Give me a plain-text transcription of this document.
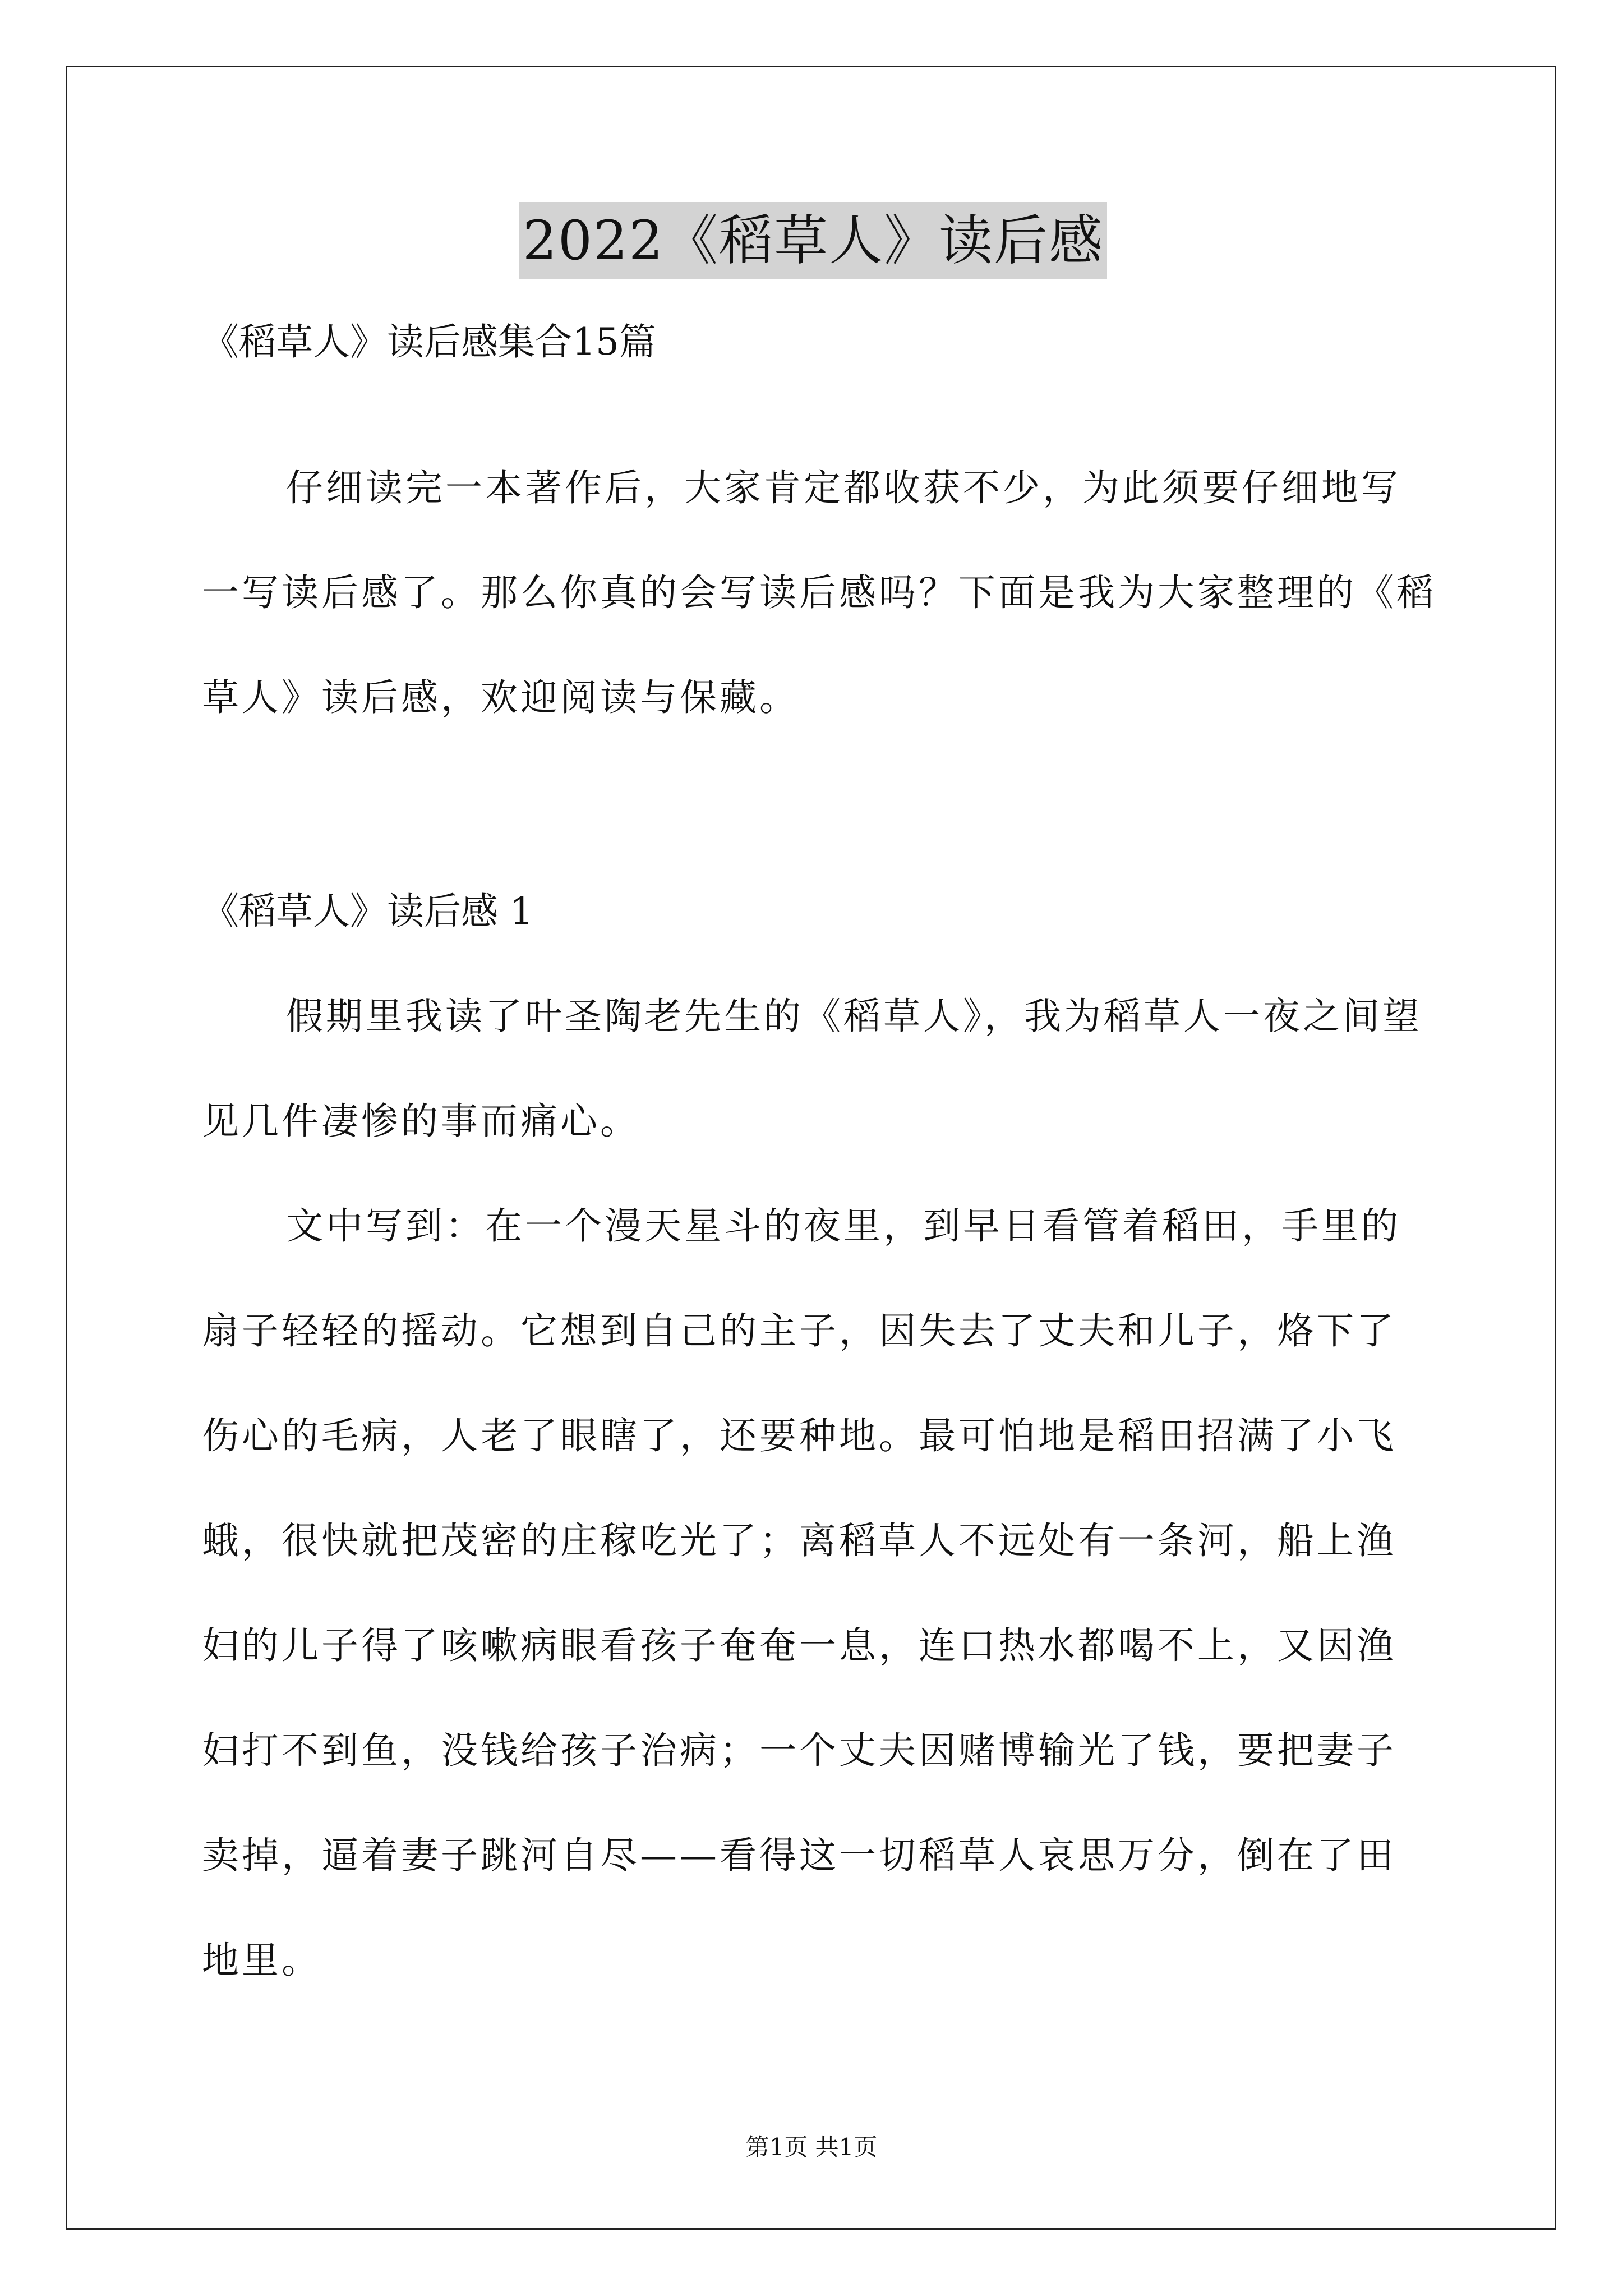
2022《稻草人》读后感
《稻草人》读后感集合15篇
仔细读完一本著作后，大家肯定都收获不少，为此须要仔细地写
一写读后感了。那么你真的会写读后感吗？下面是我为大家整理的《稻
草人》读后感，欢迎阅读与保藏。
《稻草人》读后感 1
假期里我读了叶圣陶老先生的《稻草人》，我为稻草人一夜之间望
见几件凄惨的事而痛心。
文中写到：在一个漫天星斗的夜里，到早日看管着稻田，手里的
扇子轻轻的摇动。它想到自己的主子，因失去了丈夫和儿子，烙下了
伤心的毛病，人老了眼瞎了，还要种地。最可怕地是稻田招满了小飞
蛾，很快就把茂密的庄稼吃光了；离稻草人不远处有一条河，船上渔
妇的儿子得了咳嗽病眼看孩子奄奄一息，连口热水都喝不上，又因渔
妇打不到鱼，没钱给孩子治病；一个丈夫因赌博输光了钱，要把妻子
卖掉，逼着妻子跳河自尽——看得这一切稻草人哀思万分，倒在了田
地里。
第1页 共1页
